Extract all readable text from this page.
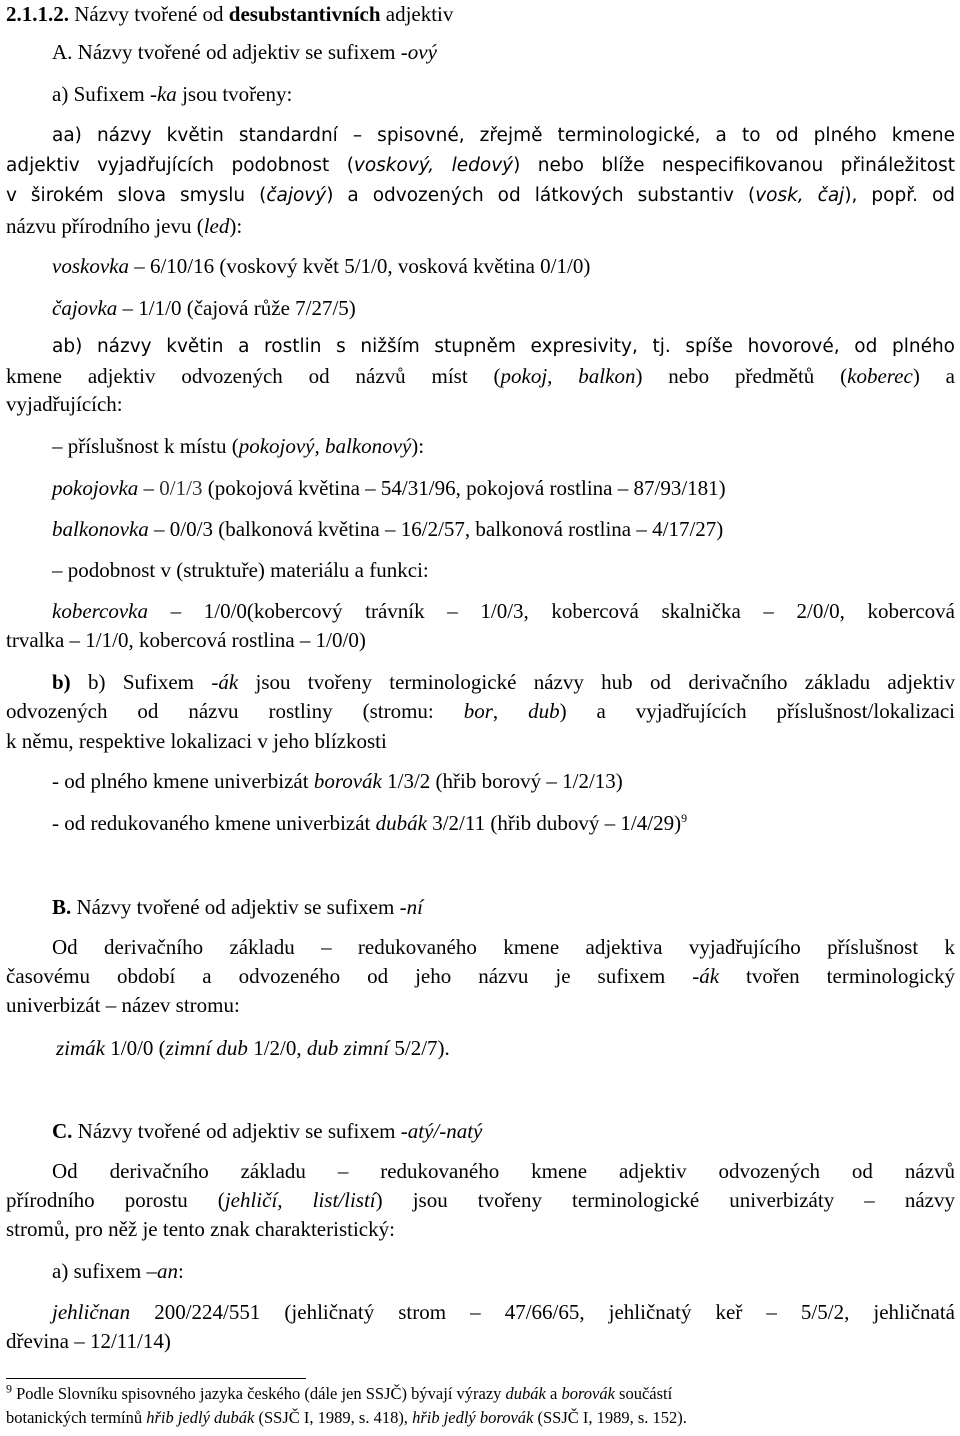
2.1.1.2. Názvy tvořené od desubstantivních adjektiv
A. Názvy tvořené od adjektiv se sufixem -ový
a) Sufixem -ka jsou tvořeny:
aa) názvy květin standardní – spisovné, zřejmě terminologické, a to od plného kmene
adjektiv vyjadřujících podobnost (voskový, ledový) nebo blíže nespecifikovanou přináležitost
v širokém slova smyslu (čajový) a odvozených od látkových substantiv (vosk, čaj), popř. od
názvu přírodního jevu (led):
voskovka – 6/10/16 (voskový květ 5/1/0, vosková květina 0/1/0)
čajovka – 1/1/0 (čajová růže 7/27/5)
ab) názvy květin a rostlin s nižším stupněm expresivity, tj. spíše hovorové, od plného
kmene adjektiv odvozených od názvů míst (pokoj, balkon) nebo předmětů (koberec) a
vyjadřujících:
– příslušnost k místu (pokojový, balkonový):
pokojovka – 0/1/3 (pokojová květina – 54/31/96, pokojová rostlina – 87/93/181)
balkonovka – 0/0/3 (balkonová květina – 16/2/57, balkonová rostlina – 4/17/27)
– podobnost v (struktuře) materiálu a funkci:
kobercovka – 1/0/0(kobercový trávník – 1/0/3, kobercová skalnička – 2/0/0, kobercová
trvalka – 1/1/0, kobercová rostlina – 1/0/0)
b) b) Sufixem -ák jsou tvořeny terminologické názvy hub od derivačního základu adjektiv
odvozených od názvu rostliny (stromu: bor, dub) a vyjadřujících příslušnost/lokalizaci
k němu, respektive lokalizaci v jeho blízkosti
- od plného kmene univerbizát borovák 1/3/2 (hřib borový – 1/2/13)
- od redukovaného kmene univerbizát dubák 3/2/11 (hřib dubový – 1/4/29)$^9$
B. Názvy tvořené od adjektiv se sufixem -ní
Od derivačního základu – redukovaného kmene adjektiva vyjadřujícího příslušnost k
časovému období a odvozeného od jeho názvu je sufixem -ák tvořen terminologický
univerbizát – název stromu:
zimák 1/0/0 (zimní dub 1/2/0, dub zimní 5/2/7).
C. Názvy tvořené od adjektiv se sufixem -atý/-natý
Od derivačního základu – redukovaného kmene adjektiv odvozených od názvů
přírodního porostu (jehličí, list/listí) jsou tvořeny terminologické univerbizáty – názvy
stromů, pro něž je tento znak charakteristický:
a) sufixem –an:
jehličnan 200/224/551 (jehličnatý strom – 47/66/65, jehličnatý keř – 5/5/2, jehličnatá
dřevina – 12/11/14)
$^9$ Podle Slovníku spisovného jazyka českého (dále jen SSJČ) bývají výrazy dubák a borovák součástí
botanických termínů hřib jedlý dubák (SSJČ I, 1989, s. 418), hřib jedlý borovák (SSJČ I, 1989, s. 152).
